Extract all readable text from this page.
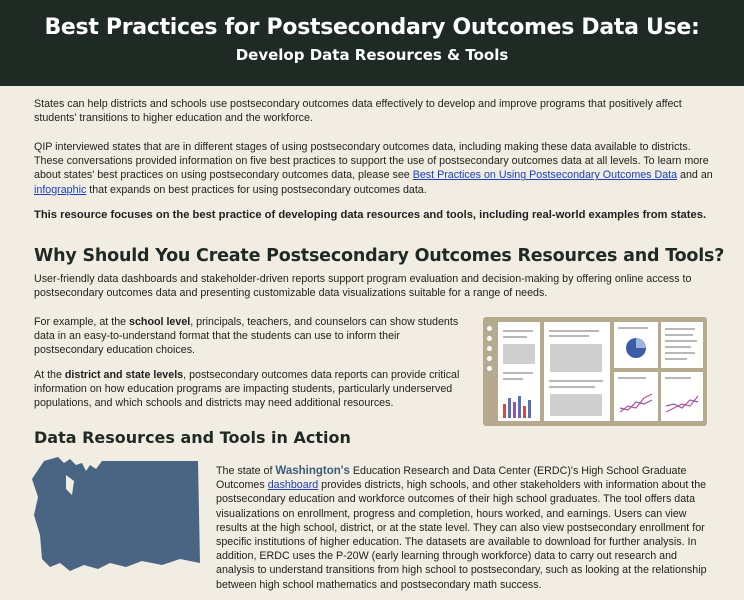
Best Practices for Postsecondary Outcomes Data Use:
Develop Data Resources & Tools

States can help districts and schools use postsecondary outcomes data effectively to develop and improve programs that positively affect students' transitions to higher education and the workforce.

QIP interviewed states that are in different stages of using postsecondary outcomes data, including making these data available to districts. These conversations provided information on five best practices to support the use of postsecondary outcomes data at all levels. To learn more about states' best practices on using postsecondary outcomes data, please see Best Practices on Using Postsecondary Outcomes Data and an infographic that expands on best practices for using postsecondary outcomes data.

This resource focuses on the best practice of developing data resources and tools, including real-world examples from states.

Why Should You Create Postsecondary Outcomes Resources and Tools?

User-friendly data dashboards and stakeholder-driven reports support program evaluation and decision-making by offering online access to postsecondary outcomes data and presenting customizable data visualizations suitable for a range of needs.

For example, at the school level, principals, teachers, and counselors can show students data in an easy-to-understand format that the students can use to inform their postsecondary education choices.

At the district and state levels, postsecondary outcomes data reports can provide critical information on how education programs are impacting students, particularly underserved populations, and which schools and districts may need additional resources.

Data Resources and Tools in Action

The state of Washington's Education Research and Data Center (ERDC)'s High School Graduate Outcomes dashboard provides districts, high schools, and other stakeholders with information about the postsecondary education and workforce outcomes of their high school graduates. The tool offers data visualizations on enrollment, progress and completion, hours worked, and earnings. Users can view results at the high school, district, or at the state level. They can also view postsecondary enrollment for specific institutions of higher education. The datasets are available to download for further analysis. In addition, ERDC uses the P-20W (early learning through workforce) data to carry out research and analysis to understand transitions from high school to postsecondary, such as looking at the relationship between high school mathematics and postsecondary math success.
